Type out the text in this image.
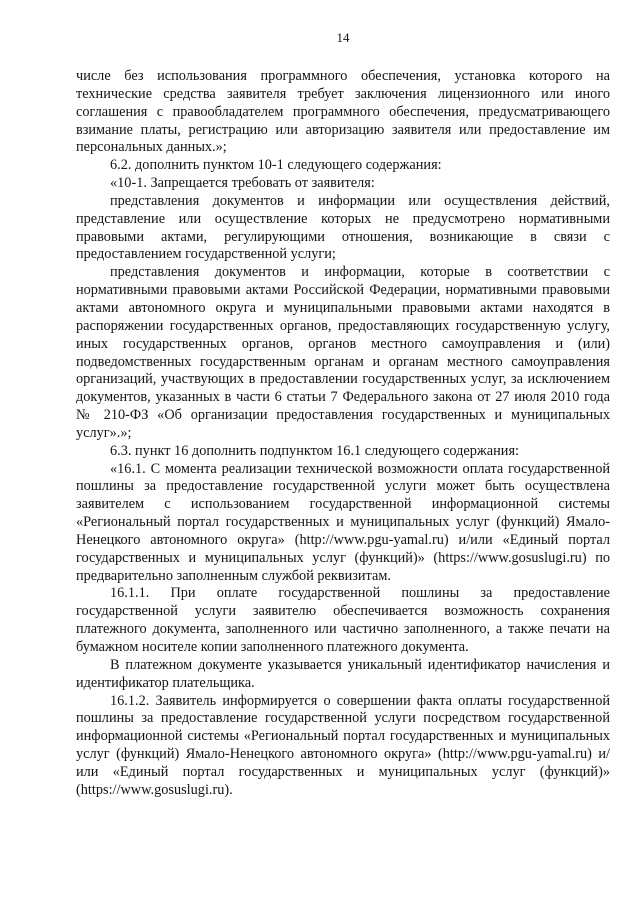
14

числе без использования программного обеспечения, установка которого на технические средства заявителя требует заключения лицензионного или иного соглашения с правообладателем программного обеспечения, предусматривающего взимание платы, регистрацию или авторизацию заявителя или предоставление им персональных данных.»;

6.2. дополнить пунктом 10-1 следующего содержания:

«10-1. Запрещается требовать от заявителя:

представления документов и информации или осуществления действий, представление или осуществление которых не предусмотрено нормативными правовыми актами, регулирующими отношения, возникающие в связи с предоставлением государственной услуги;

представления документов и информации, которые в соответствии с нормативными правовыми актами Российской Федерации, нормативными правовыми актами автономного округа и муниципальными правовыми актами находятся в распоряжении государственных органов, предоставляющих государственную услугу, иных государственных органов, органов местного самоуправления и (или) подведомственных государственным органам и органам местного самоуправления организаций, участвующих в предоставлении государственных услуг, за исключением документов, указанных в части 6 статьи 7 Федерального закона от 27 июля 2010 года № 210-ФЗ «Об организации предоставления государственных и муниципальных услуг».»;

6.3. пункт 16 дополнить подпунктом 16.1 следующего содержания:

«16.1. С момента реализации технической возможности оплата государственной пошлины за предоставление государственной услуги может быть осуществлена заявителем с использованием государственной информационной системы «Региональный портал государственных и муниципальных услуг (функций) Ямало-Ненецкого автономного округа» (http://www.pgu-yamal.ru) и/или «Единый портал государственных и муниципальных услуг (функций)» (https://www.gosuslugi.ru) по предварительно заполненным службой реквизитам.

16.1.1. При оплате государственной пошлины за предоставление государственной услуги заявителю обеспечивается возможность сохранения платежного документа, заполненного или частично заполненного, а также печати на бумажном носителе копии заполненного платежного документа.

В платежном документе указывается уникальный идентификатор начисления и идентификатор плательщика.

16.1.2. Заявитель информируется о совершении факта оплаты государственной пошлины за предоставление государственной услуги посредством государственной информационной системы «Региональный портал государственных и муниципальных услуг (функций) Ямало-Ненецкого автономного округа» (http://www.pgu-yamal.ru) и/или «Единый портал государственных и муниципальных услуг (функций)» (https://www.gosuslugi.ru).
